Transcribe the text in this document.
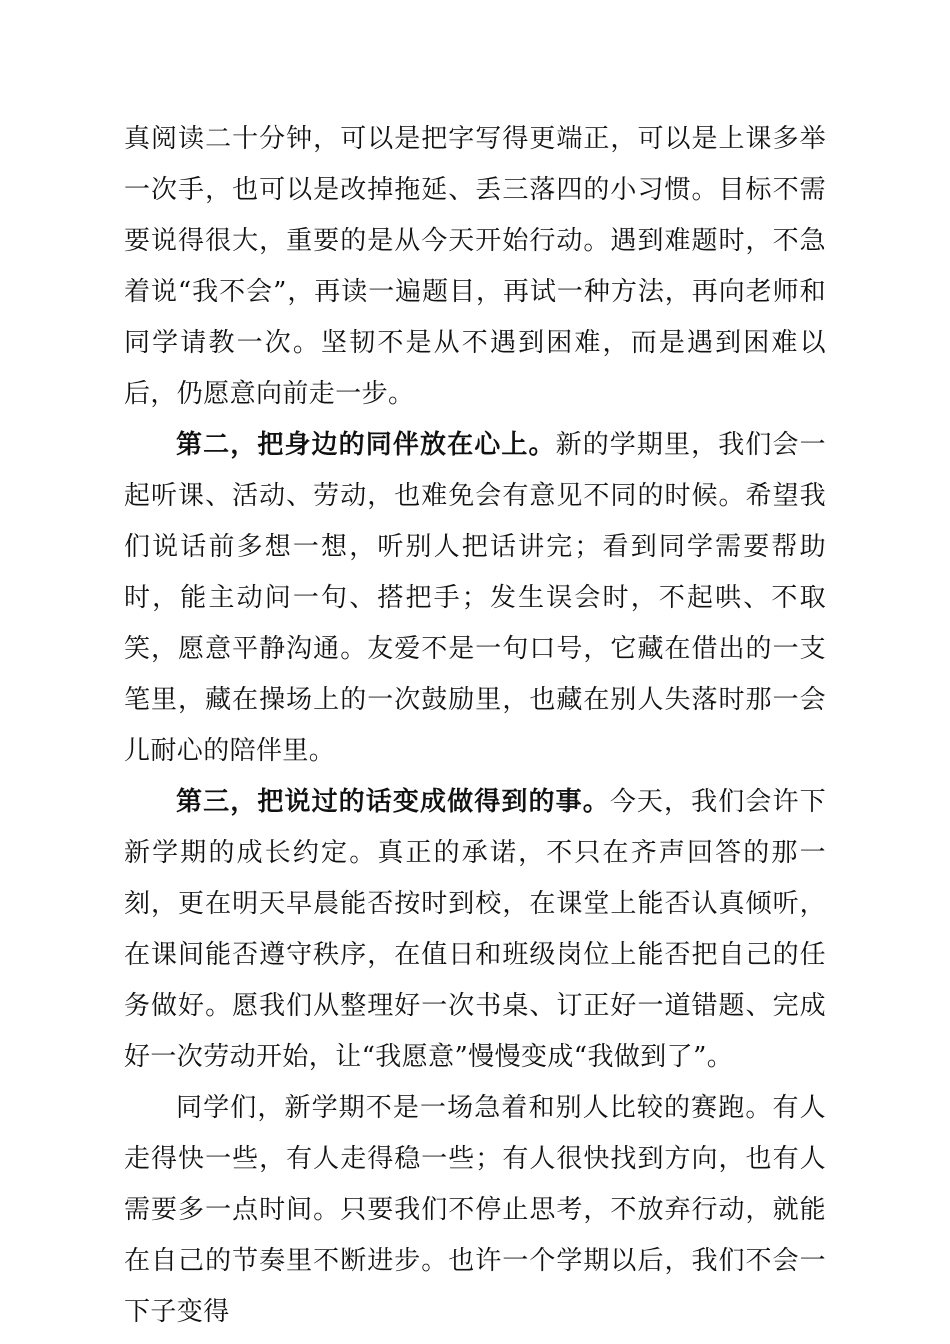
真阅读二十分钟，可以是把字写得更端正，可以是上课多举一次手，也可以是改掉拖延、丢三落四的小习惯。目标不需要说得很大，重要的是从今天开始行动。遇到难题时，不急着说“我不会”，再读一遍题目，再试一种方法，再向老师和同学请教一次。坚韧不是从不遇到困难，而是遇到困难以后，仍愿意向前走一步。

第二，把身边的同伴放在心上。新的学期里，我们会一起听课、活动、劳动，也难免会有意见不同的时候。希望我们说话前多想一想，听别人把话讲完；看到同学需要帮助时，能主动问一句、搭把手；发生误会时，不起哄、不取笑，愿意平静沟通。友爱不是一句口号，它藏在借出的一支笔里，藏在操场上的一次鼓励里，也藏在别人失落时那一会儿耐心的陪伴里。

第三，把说过的话变成做得到的事。今天，我们会许下新学期的成长约定。真正的承诺，不只在齐声回答的那一刻，更在明天早晨能否按时到校，在课堂上能否认真倾听，在课间能否遵守秩序，在值日和班级岗位上能否把自己的任务做好。愿我们从整理好一次书桌、订正好一道错题、完成好一次劳动开始，让“我愿意”慢慢变成“我做到了”。

同学们，新学期不是一场急着和别人比较的赛跑。有人走得快一些，有人走得稳一些；有人很快找到方向，也有人需要多一点时间。只要我们不停止思考，不放弃行动，就能在自己的节奏里不断进步。也许一个学期以后，我们不会一下子变得
